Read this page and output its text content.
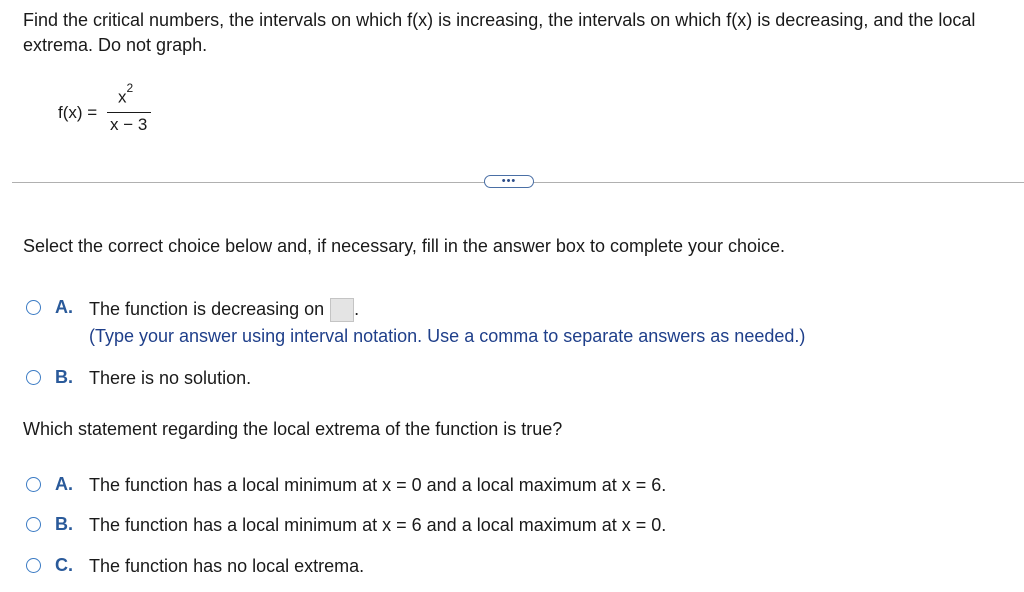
Find the critical numbers, the intervals on which f(x) is increasing, the intervals on which f(x) is decreasing, and the local extrema. Do not graph.

f(x) =
$x^2$
x − 3
•••

Select the correct choice below and, if necessary, fill in the answer box to complete your choice.

A. The function is decreasing on .
(Type your answer using interval notation. Use a comma to separate answers as needed.)
B. There is no solution.

Which statement regarding the local extrema of the function is true?

A. The function has a local minimum at x = 0 and a local maximum at x = 6.
B. The function has a local minimum at x = 6 and a local maximum at x = 0.
C. The function has no local extrema.
